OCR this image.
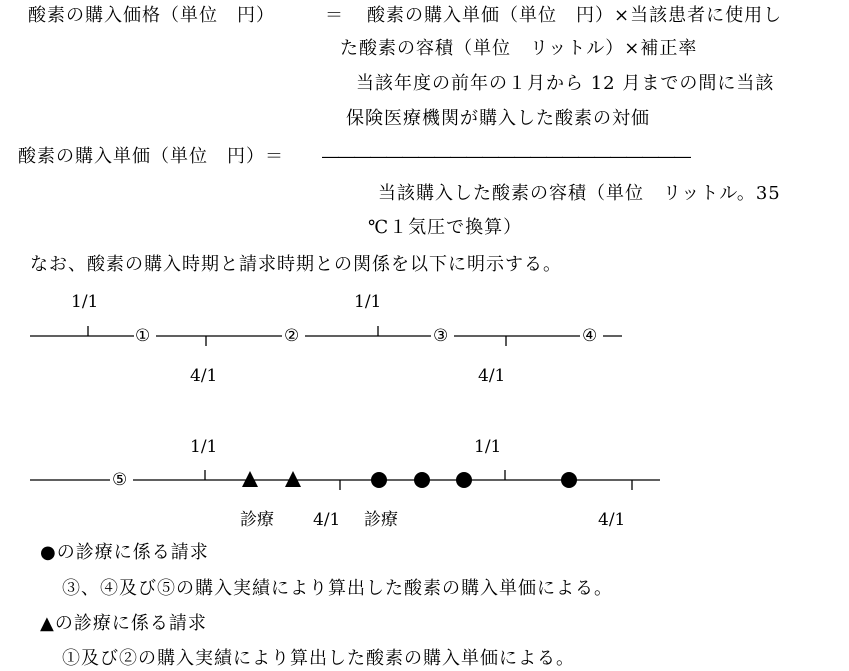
酸素の購入価格（単位　円）	＝ 酸素の購入単価（単位　円）×当該患者に使用し
た酸素の容積（単位　リットル）×補正率
当該年度の前年の１月から 12 月までの間に当該
保険医療機関が購入した酸素の対価
酸素の購入単価（単位　円）＝ ―――――――――――――――――――――――
当該購入した酸素の容積（単位　リットル。35
℃１気圧で換算）
なお、酸素の購入時期と請求時期との関係を以下に明示する。
1/1	1/1
①	②	③	④
4/1	4/1
1/1	1/1
⑤
診療 4/1 診療	4/1
●の診療に係る請求
③、④及び⑤の購入実績により算出した酸素の購入単価による。
▲の診療に係る請求
①及び②の購入実績により算出した酸素の購入単価による。
